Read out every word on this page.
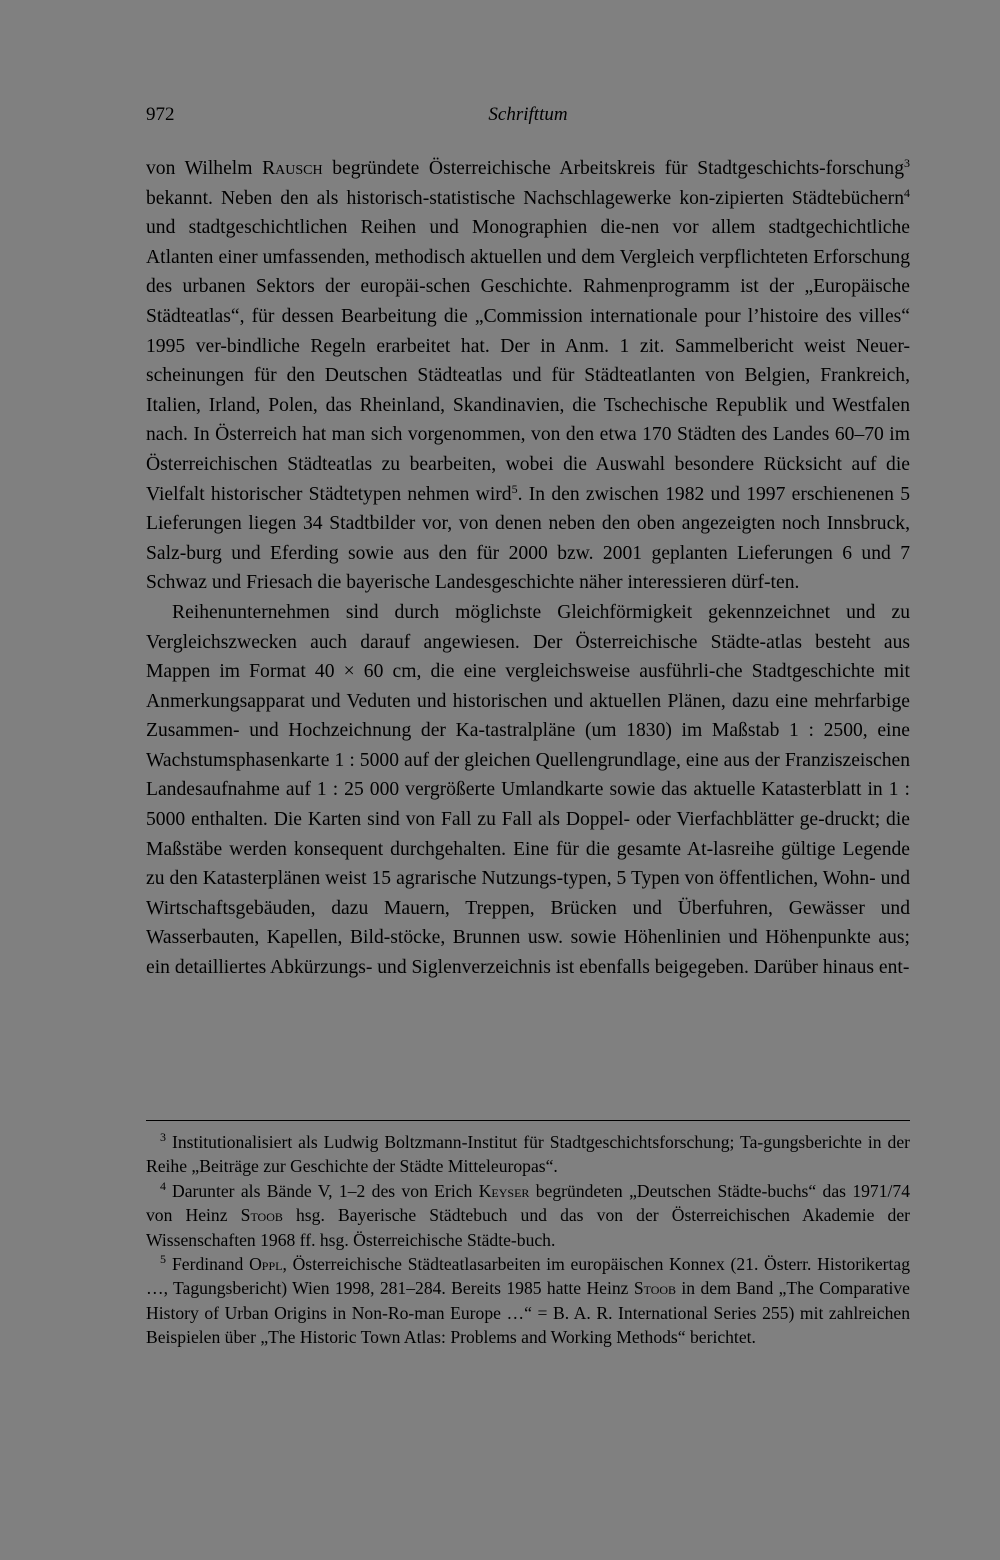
972	Schrifttum

von Wilhelm Rausch begründete Österreichische Arbeitskreis für Stadtgeschichts-forschung$^3$ bekannt. Neben den als historisch-statistische Nachschlagewerke kon-zipierten Städtebüchern$^4$ und stadtgeschichtlichen Reihen und Monographien die-nen vor allem stadtgechichtliche Atlanten einer umfassenden, methodisch aktuellen und dem Vergleich verpflichteten Erforschung des urbanen Sektors der europäi-schen Geschichte. Rahmenprogramm ist der „Europäische Städteatlas“, für dessen Bearbeitung die „Commission internationale pour l’histoire des villes“ 1995 ver-bindliche Regeln erarbeitet hat. Der in Anm. 1 zit. Sammelbericht weist Neuer-scheinungen für den Deutschen Städteatlas und für Städteatlanten von Belgien, Frankreich, Italien, Irland, Polen, das Rheinland, Skandinavien, die Tschechische Republik und Westfalen nach. In Österreich hat man sich vorgenommen, von den etwa 170 Städten des Landes 60–70 im Österreichischen Städteatlas zu bearbeiten, wobei die Auswahl besondere Rücksicht auf die Vielfalt historischer Städtetypen nehmen wird$^5$. In den zwischen 1982 und 1997 erschienenen 5 Lieferungen liegen 34 Stadtbilder vor, von denen neben den oben angezeigten noch Innsbruck, Salz-burg und Eferding sowie aus den für 2000 bzw. 2001 geplanten Lieferungen 6 und 7 Schwaz und Friesach die bayerische Landesgeschichte näher interessieren dürf-ten.

Reihenunternehmen sind durch möglichste Gleichförmigkeit gekennzeichnet und zu Vergleichszwecken auch darauf angewiesen. Der Österreichische Städte-atlas besteht aus Mappen im Format 40 × 60 cm, die eine vergleichsweise ausführli-che Stadtgeschichte mit Anmerkungsapparat und Veduten und historischen und aktuellen Plänen, dazu eine mehrfarbige Zusammen- und Hochzeichnung der Ka-tastralpläne (um 1830) im Maßstab 1 : 2500, eine Wachstumsphasenkarte 1 : 5000 auf der gleichen Quellengrundlage, eine aus der Franziszeischen Landesaufnahme auf 1 : 25 000 vergrößerte Umlandkarte sowie das aktuelle Katasterblatt in 1 : 5000 enthalten. Die Karten sind von Fall zu Fall als Doppel- oder Vierfachblätter ge-druckt; die Maßstäbe werden konsequent durchgehalten. Eine für die gesamte At-lasreihe gültige Legende zu den Katasterplänen weist 15 agrarische Nutzungs-typen, 5 Typen von öffentlichen, Wohn- und Wirtschaftsgebäuden, dazu Mauern, Treppen, Brücken und Überfuhren, Gewässer und Wasserbauten, Kapellen, Bild-stöcke, Brunnen usw. sowie Höhenlinien und Höhenpunkte aus; ein detailliertes Abkürzungs- und Siglenverzeichnis ist ebenfalls beigegeben. Darüber hinaus ent-

$^3$ Institutionalisiert als Ludwig Boltzmann-Institut für Stadtgeschichtsforschung; Ta-gungsberichte in der Reihe „Beiträge zur Geschichte der Städte Mitteleuropas“.

$^4$ Darunter als Bände V, 1–2 des von Erich Keyser begründeten „Deutschen Städte-buchs“ das 1971/74 von Heinz Stoob hsg. Bayerische Städtebuch und das von der Österreichischen Akademie der Wissenschaften 1968 ff. hsg. Österreichische Städte-buch.

$^5$ Ferdinand Oppl, Österreichische Städteatlasarbeiten im europäischen Konnex (21. Österr. Historikertag …, Tagungsbericht) Wien 1998, 281–284. Bereits 1985 hatte Heinz Stoob in dem Band „The Comparative History of Urban Origins in Non-Ro-man Europe …“ = B. A. R. International Series 255) mit zahlreichen Beispielen über „The Historic Town Atlas: Problems and Working Methods“ berichtet.
